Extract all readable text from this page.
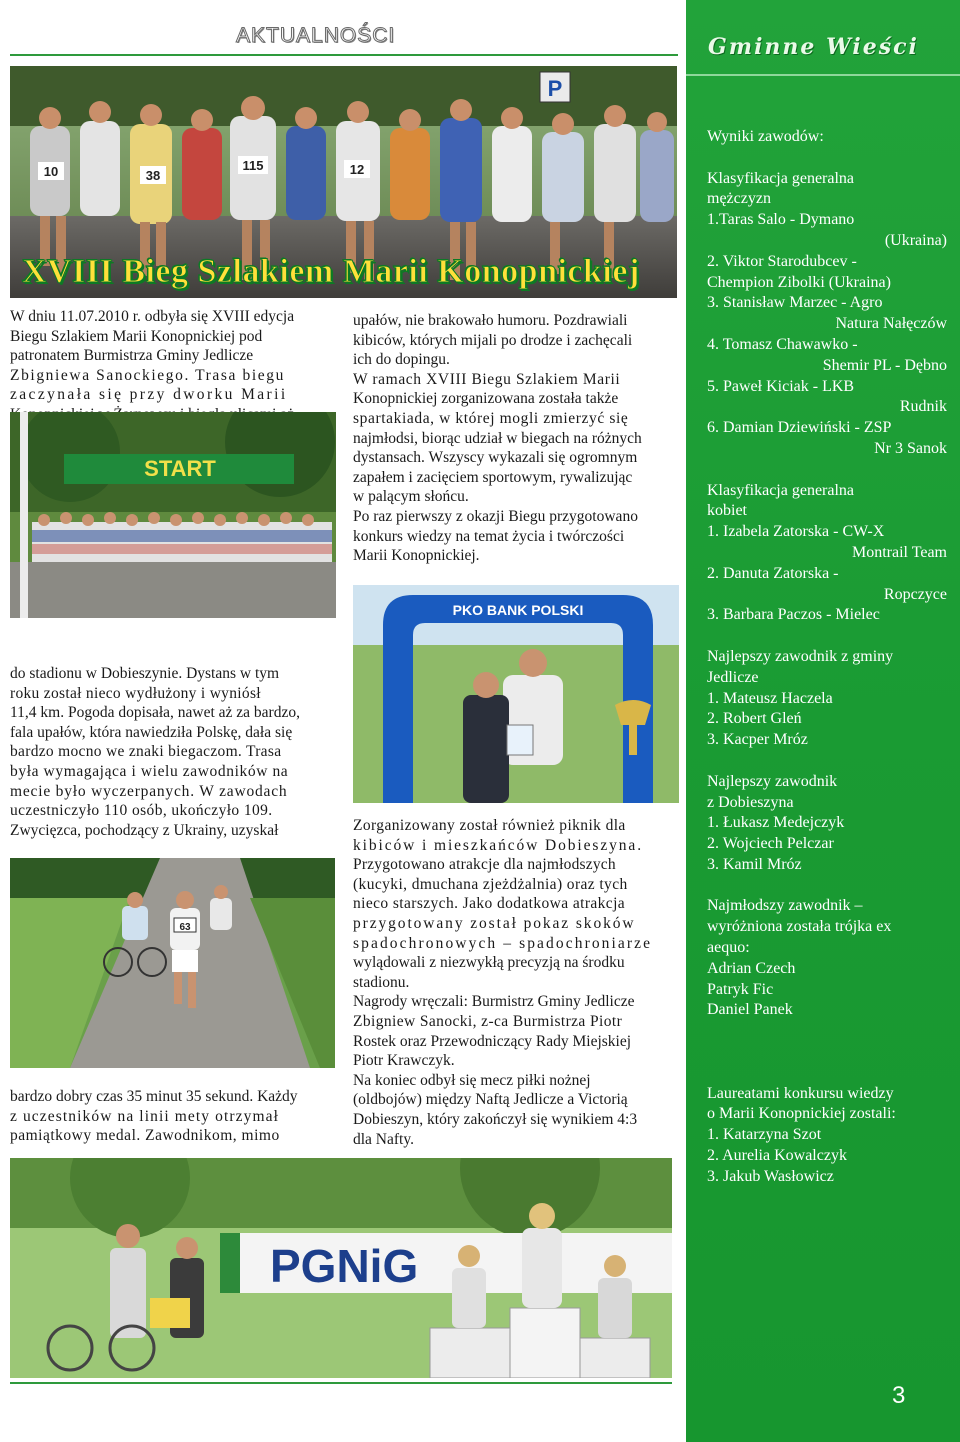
AKTUALNOŚCI
P
10	38
115	12
XVIII Bieg Szlakiem Marii Konopnickiej
W dniu 11.07.2010 r. odbyła się XVIII edycja
Biegu Szlakiem Marii Konopnickiej pod
patronatem Burmistrza Gminy Jedlicze
Zbigniewa Sanockiego. Trasa biegu
zaczynała się przy dworku Marii
START
do stadionu w Dobieszynie. Dystans w tym
roku został nieco wydłużony i wyniósł
11,4 km. Pogoda dopisała, nawet aż za bardzo,
fala upałów, która nawiedziła Polskę, dała się
bardzo mocno we znaki biegaczom. Trasa
była wymagająca i wielu zawodników na
mecie było wyczerpanych. W zawodach
uczestniczyło 110 osób, ukończyło 109.
Zwycięzca, pochodzący z Ukrainy, uzyskał
63
bardzo dobry czas 35 minut 35 sekund. Każdy
z uczestników na linii mety otrzymał
pamiątkowy medal. Zawodnikom, mimo
upałów, nie brakowało humoru. Pozdrawiali
kibiców, których mijali po drodze i zachęcali
ich do dopingu.
W ramach XVIII Biegu Szlakiem Marii
Konopnickiej zorganizowana została także
spartakiada, w której mogli zmierzyć się
najmłodsi, biorąc udział w biegach na różnych
dystansach. Wszyscy wykazali się ogromnym
zapałem i zacięciem sportowym, rywalizując
w palącym słońcu.
Po raz pierwszy z okazji Biegu przygotowano
konkurs wiedzy na temat życia i twórczości
Marii Konopnickiej.
PKO BANK POLSKI
Zorganizowany został również piknik dla
kibiców i mieszkańców Dobieszyna.
Przygotowano atrakcje dla najmłodszych
(kucyki, dmuchana zjeżdżalnia) oraz tych
nieco starszych. Jako dodatkowa atrakcja
przygotowany został pokaz skoków
spadochronowych – spadochroniarze
wylądowali z niezwykłą precyzją na środku
stadionu.
Nagrody wręczali: Burmistrz Gminy Jedlicze
Zbigniew Sanocki, z-ca Burmistrza Piotr
Rostek oraz Przewodniczący Rady Miejskiej
Piotr Krawczyk.
Na koniec odbył się mecz piłki nożnej
(oldbojów) między Naftą Jedlicze a Victorią
Dobieszyn, który zakończył się wynikiem 4:3
dla Nafty.
PGNiG
Gminne Wieści
Wyniki zawodów:
Klasyfikacja generalna
mężczyzn
1.Taras Salo - Dymano
(Ukraina)
2. Viktor Starodubcev -
Chempion Zibolki (Ukraina)
3. Stanisław Marzec - Agro
Natura Nałęczów
4. Tomasz Chawawko -
Shemir PL - Dębno
5. Paweł Kiciak - LKB
Rudnik
6. Damian Dziewiński - ZSP
Nr 3 Sanok
Klasyfikacja generalna
kobiet
1. Izabela Zatorska - CW-X
Montrail Team
2. Danuta Zatorska -
Ropczyce
3. Barbara Paczos - Mielec
Najlepszy zawodnik z gminy
Jedlicze
1. Mateusz Haczela
2. Robert Gleń
3. Kacper Mróz
Najlepszy zawodnik
z Dobieszyna
1. Łukasz Medejczyk
2. Wojciech Pelczar
3. Kamil Mróz
Najmłodszy zawodnik –
wyróżniona została trójka ex
aequo:
Adrian Czech
Patryk Fic
Daniel Panek
Laureatami konkursu wiedzy
o Marii Konopnickiej zostali:
1. Katarzyna Szot
2. Aurelia Kowalczyk
3. Jakub Wasłowicz
3
